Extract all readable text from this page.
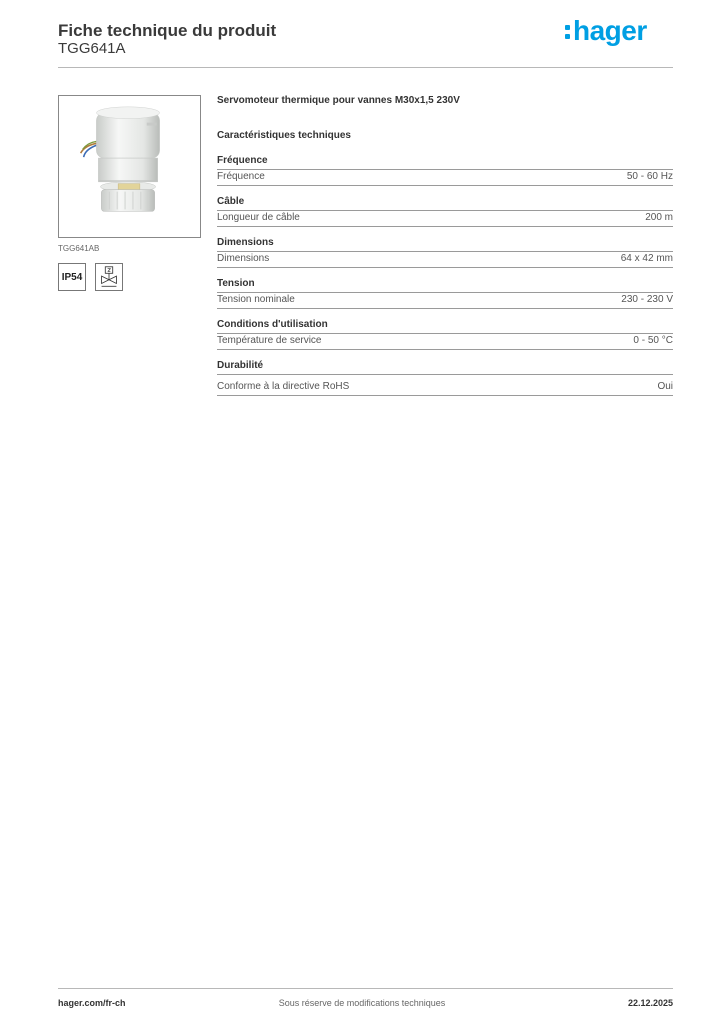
Fiche technique du produit
TGG641A
hager
TGG641AB
IP54
Servomoteur thermique pour vannes M30x1,5 230V
Caractéristiques techniques
Fréquence
Fréquence	50 - 60 Hz
Câble
Longueur de câble	200 m
Dimensions
Dimensions	64 x 42 mm
Tension
Tension nominale	230 - 230 V
Conditions d'utilisation
Température de service	0 - 50 °C
Durabilité
Conforme à la directive RoHS	Oui
hager.com/fr-ch	Sous réserve de modifications techniques	22.12.2025
